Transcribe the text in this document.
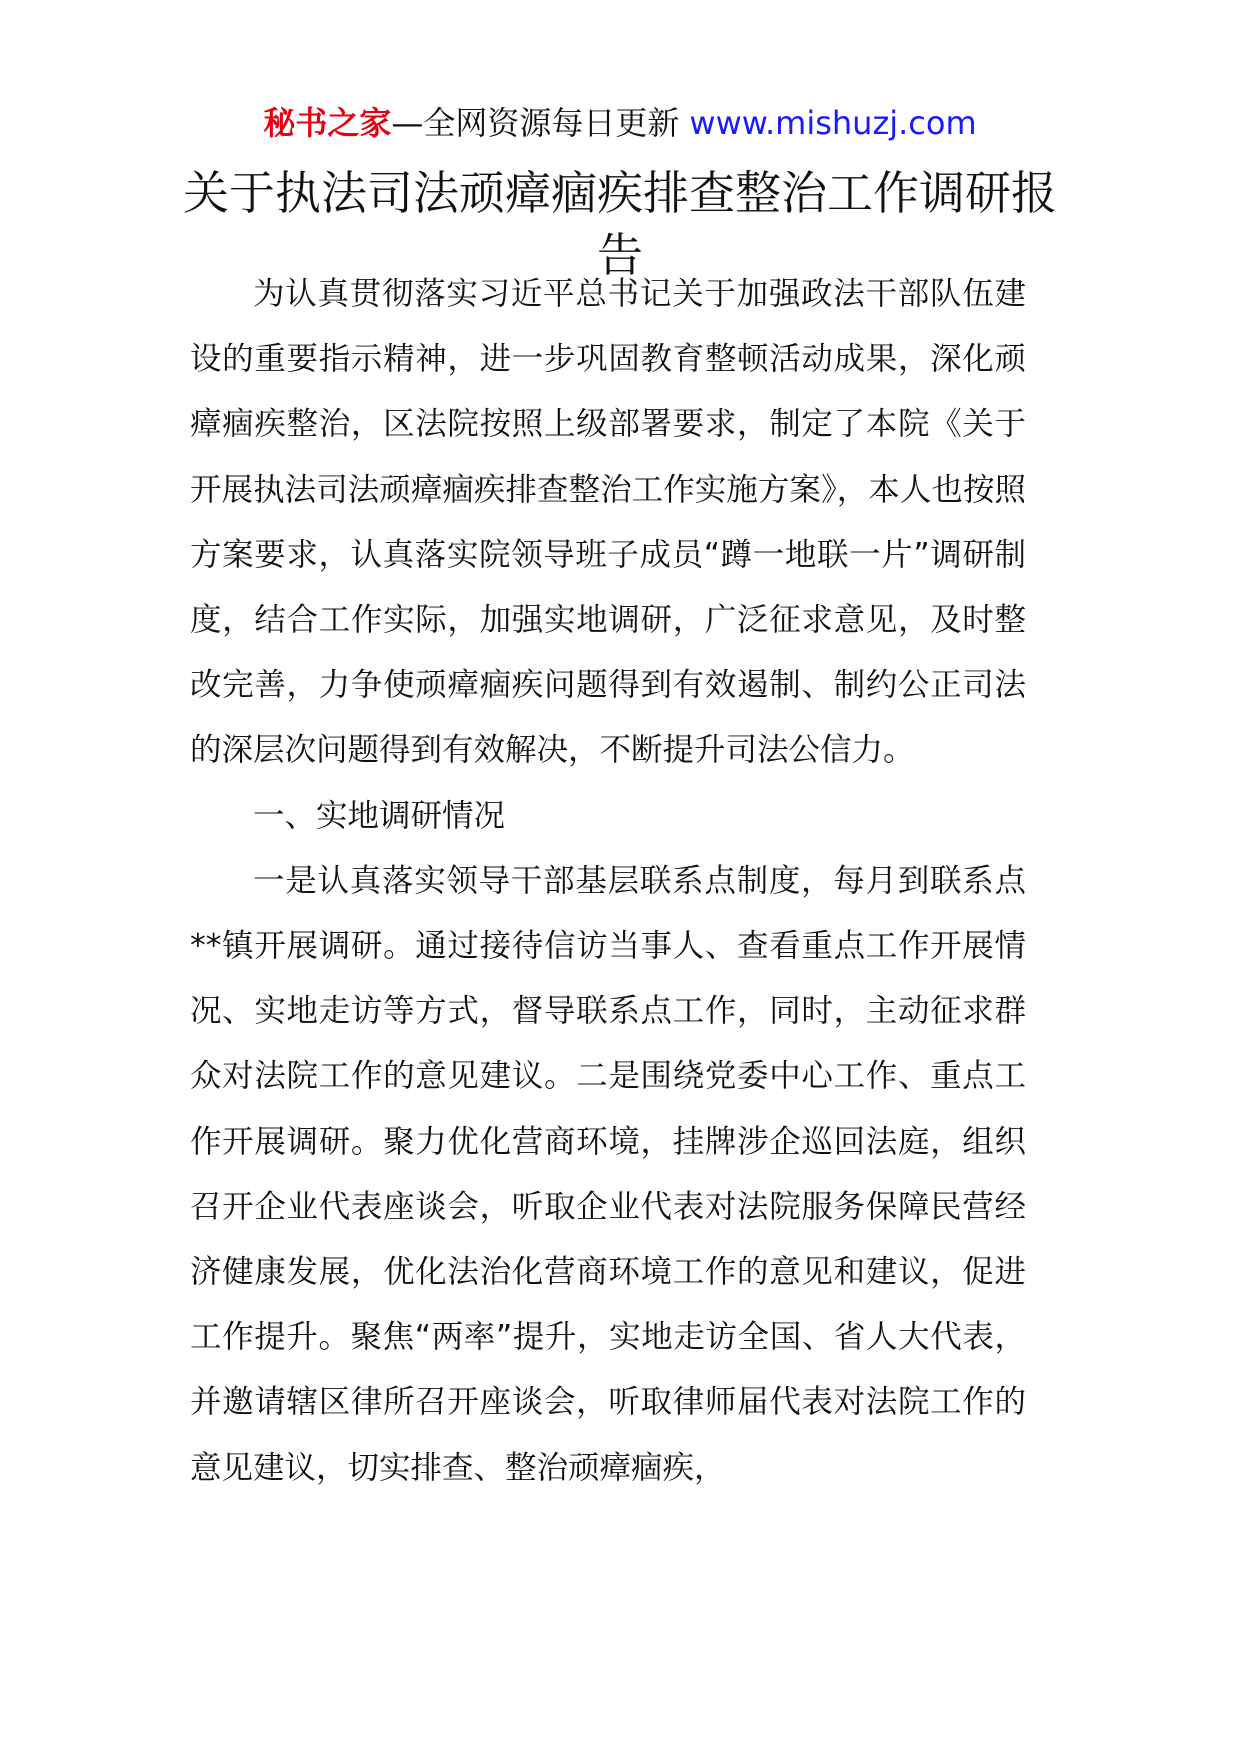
秘书之家—全网资源每日更新 www.mishuzj.com
关于执法司法顽瘴痼疾排查整治工作调研报告

为认真贯彻落实习近平总书记关于加强政法干部队伍建设的重要指示精神，进一步巩固教育整顿活动成果，深化顽瘴痼疾整治，区法院按照上级部署要求，制定了本院《关于开展执法司法顽瘴痼疾排查整治工作实施方案》，本人也按照方案要求，认真落实院领导班子成员“蹲一地联一片”调研制度，结合工作实际，加强实地调研，广泛征求意见，及时整改完善，力争使顽瘴痼疾问题得到有效遏制、制约公正司法的深层次问题得到有效解决，不断提升司法公信力。

一、实地调研情况

一是认真落实领导干部基层联系点制度，每月到联系点**镇开展调研。通过接待信访当事人、查看重点工作开展情况、实地走访等方式，督导联系点工作，同时，主动征求群众对法院工作的意见建议。二是围绕党委中心工作、重点工作开展调研。聚力优化营商环境，挂牌涉企巡回法庭，组织召开企业代表座谈会，听取企业代表对法院服务保障民营经济健康发展，优化法治化营商环境工作的意见和建议，促进工作提升。聚焦“两率”提升，实地走访全国、省人大代表，并邀请辖区律所召开座谈会，听取律师届代表对法院工作的意见建议，切实排查、整治顽瘴痼疾，
